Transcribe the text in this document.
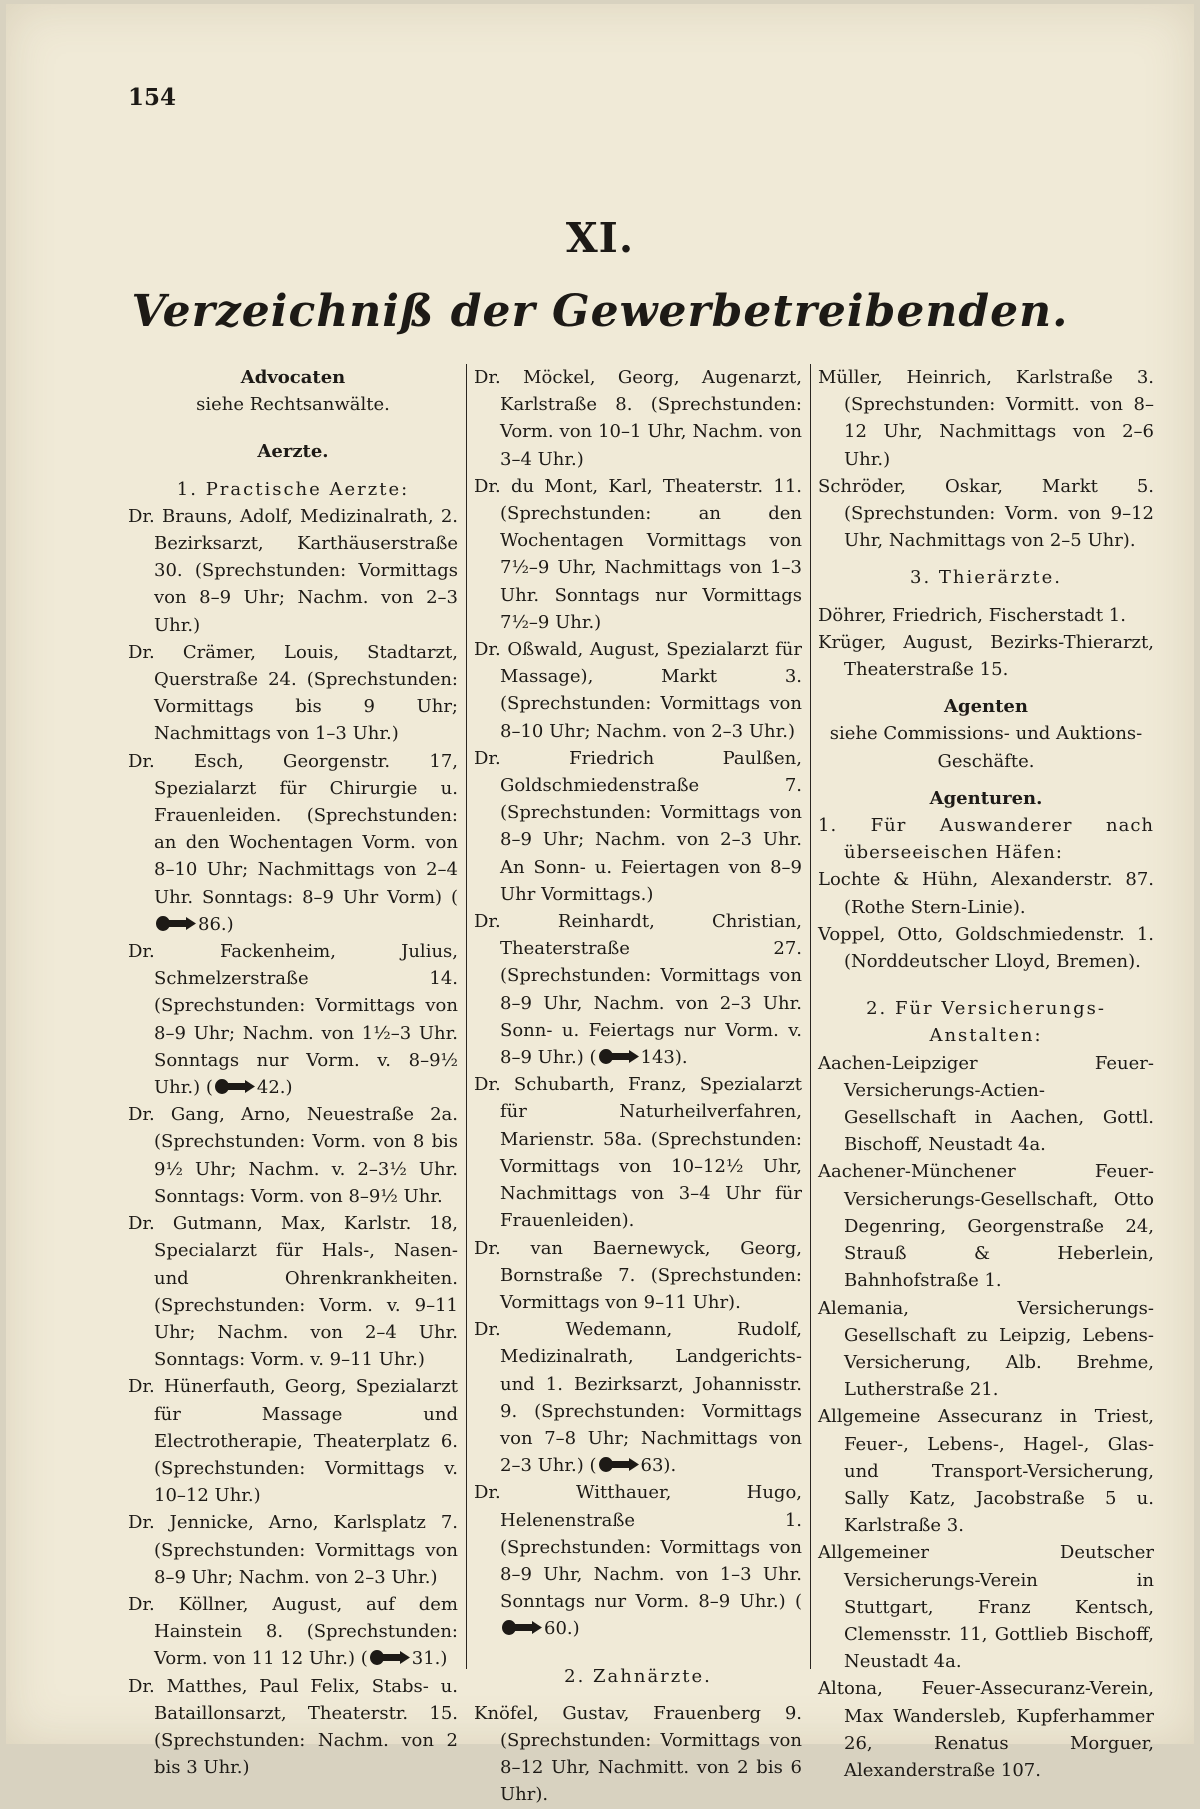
154
XI.
Verzeichniß der Gewerbetreibenden.

Advocaten

siehe Rechtsanwälte.

Aerzte.

1. Practische Aerzte:

Dr. Brauns, Adolf, Medizinalrath, 2. Bezirksarzt, Karthäuserstraße 30. (Sprechstunden: Vormittags von 8–9 Uhr; Nachm. von 2–3 Uhr.)

Dr. Crämer, Louis, Stadtarzt, Querstraße 24. (Sprechstunden: Vormittags bis 9 Uhr; Nachmittags von 1–3 Uhr.)

Dr. Esch, Georgenstr. 17, Spezialarzt für Chirurgie u. Frauenleiden. (Sprechstunden: an den Wochentagen Vorm. von 8–10 Uhr; Nachmittags von 2–4 Uhr. Sonntags: 8–9 Uhr Vorm) (86.)

Dr. Fackenheim, Julius, Schmelzerstraße 14. (Sprechstunden: Vormittags von 8–9 Uhr; Nachm. von 1½–3 Uhr. Sonntags nur Vorm. v. 8–9½ Uhr.) ( 42.)

Dr. Gang, Arno, Neuestraße 2a. (Sprechstunden: Vorm. von 8 bis 9½ Uhr; Nachm. v. 2–3½ Uhr. Sonntags: Vorm. von 8–9½ Uhr.

Dr. Gutmann, Max, Karlstr. 18, Specialarzt für Hals-, Nasen- und Ohrenkrankheiten. (Sprechstunden: Vorm. v. 9–11 Uhr; Nachm. von 2–4 Uhr. Sonntags: Vorm. v. 9–11 Uhr.)

Dr. Hünerfauth, Georg, Spezialarzt für Massage und Electrotherapie, Theaterplatz 6. (Sprechstunden: Vormittags v. 10–12 Uhr.)

Dr. Jennicke, Arno, Karlsplatz 7. (Sprechstunden: Vormittags von 8–9 Uhr; Nachm. von 2–3 Uhr.)

Dr. Köllner, August, auf dem Hainstein 8. (Sprechstunden: Vorm. von 11 12 Uhr.) ( 31.)

Dr. Matthes, Paul Felix, Stabs- u. Bataillonsarzt, Theaterstr. 15. (Sprechstunden: Nachm. von 2 bis 3 Uhr.)

Dr. Möckel, Georg, Augenarzt, Karlstraße 8. (Sprechstunden: Vorm. von 10–1 Uhr, Nachm. von 3–4 Uhr.)

Dr. du Mont, Karl, Theaterstr. 11. (Sprechstunden: an den Wochentagen Vormittags von 7½–9 Uhr, Nachmittags von 1–3 Uhr. Sonntags nur Vormittags 7½–9 Uhr.)

Dr. Oßwald, August, Spezialarzt für Massage), Markt 3. (Sprechstunden: Vormittags von 8–10 Uhr; Nachm. von 2–3 Uhr.)

Dr. Friedrich Paulßen, Goldschmiedenstraße 7. (Sprechstunden: Vormittags von 8–9 Uhr; Nachm. von 2–3 Uhr. An Sonn- u. Feiertagen von 8–9 Uhr Vormittags.)

Dr. Reinhardt, Christian, Theaterstraße 27. (Sprechstunden: Vormittags von 8–9 Uhr, Nachm. von 2–3 Uhr. Sonn- u. Feiertags nur Vorm. v. 8–9 Uhr.) ( 143).

Dr. Schubarth, Franz, Spezialarzt für Naturheilverfahren, Marienstr. 58a. (Sprechstunden: Vormittags von 10–12½ Uhr, Nachmittags von 3–4 Uhr für Frauenleiden).

Dr. van Baernewyck, Georg, Bornstraße 7. (Sprechstunden: Vormittags von 9–11 Uhr).

Dr. Wedemann, Rudolf, Medizinalrath, Landgerichts- und 1. Bezirksarzt, Johannisstr. 9. (Sprechstunden: Vormittags von 7–8 Uhr; Nachmittags von 2–3 Uhr.) ( 63).

Dr. Witthauer, Hugo, Helenenstraße 1. (Sprechstunden: Vormittags von 8–9 Uhr, Nachm. von 1–3 Uhr. Sonntags nur Vorm. 8–9 Uhr.) (60.)

2. Zahnärzte.

Knöfel, Gustav, Frauenberg 9. (Sprechstunden: Vormittags von 8–12 Uhr, Nachmitt. von 2 bis 6 Uhr).

Müller, Heinrich, Karlstraße 3. (Sprechstunden: Vormitt. von 8–12 Uhr, Nachmittags von 2–6 Uhr.)

Schröder, Oskar, Markt 5. (Sprechstunden: Vorm. von 9–12 Uhr, Nachmittags von 2–5 Uhr).

3. Thierärzte.

Döhrer, Friedrich, Fischerstadt 1.

Krüger, August, Bezirks-Thierarzt, Theaterstraße 15.

Agenten

siehe Commissions- und Auktions-Geschäfte.

Agenturen.

1. Für Auswanderer nach überseeischen Häfen:

Lochte & Hühn, Alexanderstr. 87. (Rothe Stern-Linie).

Voppel, Otto, Goldschmiedenstr. 1. (Norddeutscher Lloyd, Bremen).

2. Für Versicherungs-Anstalten:

Aachen-Leipziger Feuer-Versicherungs-Actien-Gesellschaft in Aachen, Gottl. Bischoff, Neustadt 4a.

Aachener-Münchener Feuer-Versicherungs-Gesellschaft, Otto Degenring, Georgenstraße 24, Strauß & Heberlein, Bahnhofstraße 1.

Alemania, Versicherungs-Gesellschaft zu Leipzig, Lebens-Versicherung, Alb. Brehme, Lutherstraße 21.

Allgemeine Assecuranz in Triest, Feuer-, Lebens-, Hagel-, Glas- und Transport-Versicherung, Sally Katz, Jacobstraße 5 u. Karlstraße 3.

Allgemeiner Deutscher Versicherungs-Verein in Stuttgart, Franz Kentsch, Clemensstr. 11, Gottlieb Bischoff, Neustadt 4a.

Altona, Feuer-Assecuranz-Verein, Max Wandersleb, Kupferhammer 26, Renatus Morguer, Alexanderstraße 107.
